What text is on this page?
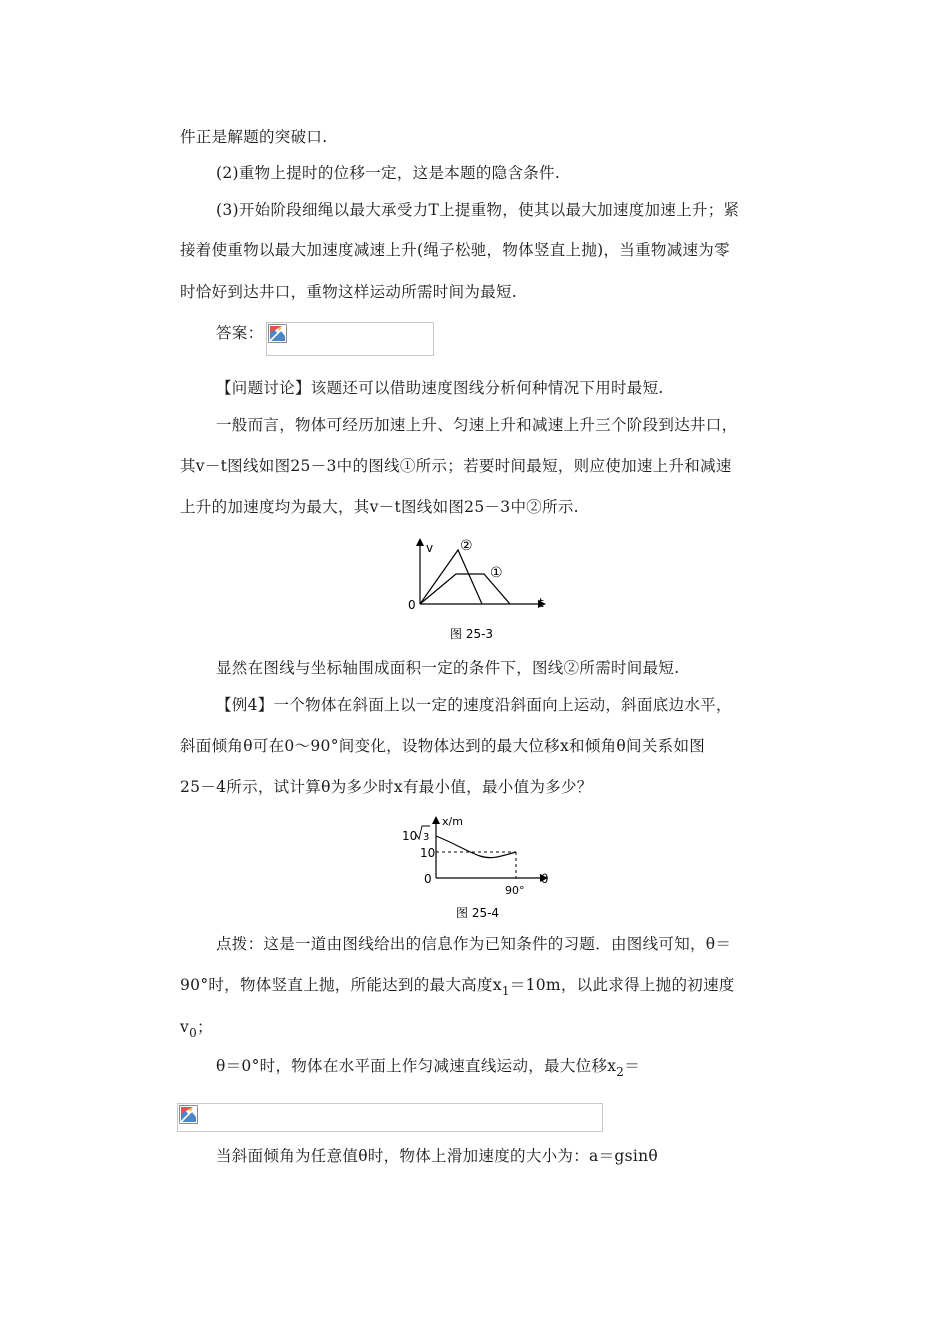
件正是解题的突破口.
(2)重物上提时的位移一定，这是本题的隐含条件.
(3)开始阶段细绳以最大承受力T上提重物，使其以最大加速度加速上升；紧
接着使重物以最大加速度减速上升(绳子松驰，物体竖直上抛)，当重物减速为零
时恰好到达井口，重物这样运动所需时间为最短.
答案：
【问题讨论】该题还可以借助速度图线分析何种情况下用时最短.
一般而言，物体可经历加速上升、匀速上升和减速上升三个阶段到达井口，
其v－t图线如图25－3中的图线①所示；若要时间最短，则应使加速上升和减速
上升的加速度均为最大，其v－t图线如图25－3中②所示.
v
t
0
①
②
图 25-3
显然在图线与坐标轴围成面积一定的条件下，图线②所需时间最短.
【例4】一个物体在斜面上以一定的速度沿斜面向上运动，斜面底边水平，
斜面倾角θ可在0～90°间变化，设物体达到的最大位移x和倾角θ间关系如图
25－4所示，试计算θ为多少时x有最小值，最小值为多少？
x/m
10 3
10
0
90°
θ
图 25-4
点拨：这是一道由图线给出的信息作为已知条件的习题．由图线可知，θ＝
90°时，物体竖直上抛，所能达到的最大高度$x_1=10m$，以此求得上抛的初速度
$v_0$；
θ＝0°时，物体在水平面上作匀减速直线运动，最大位移$x_2=$
当斜面倾角为任意值θ时，物体上滑加速度的大小为：a＝gsinθ
